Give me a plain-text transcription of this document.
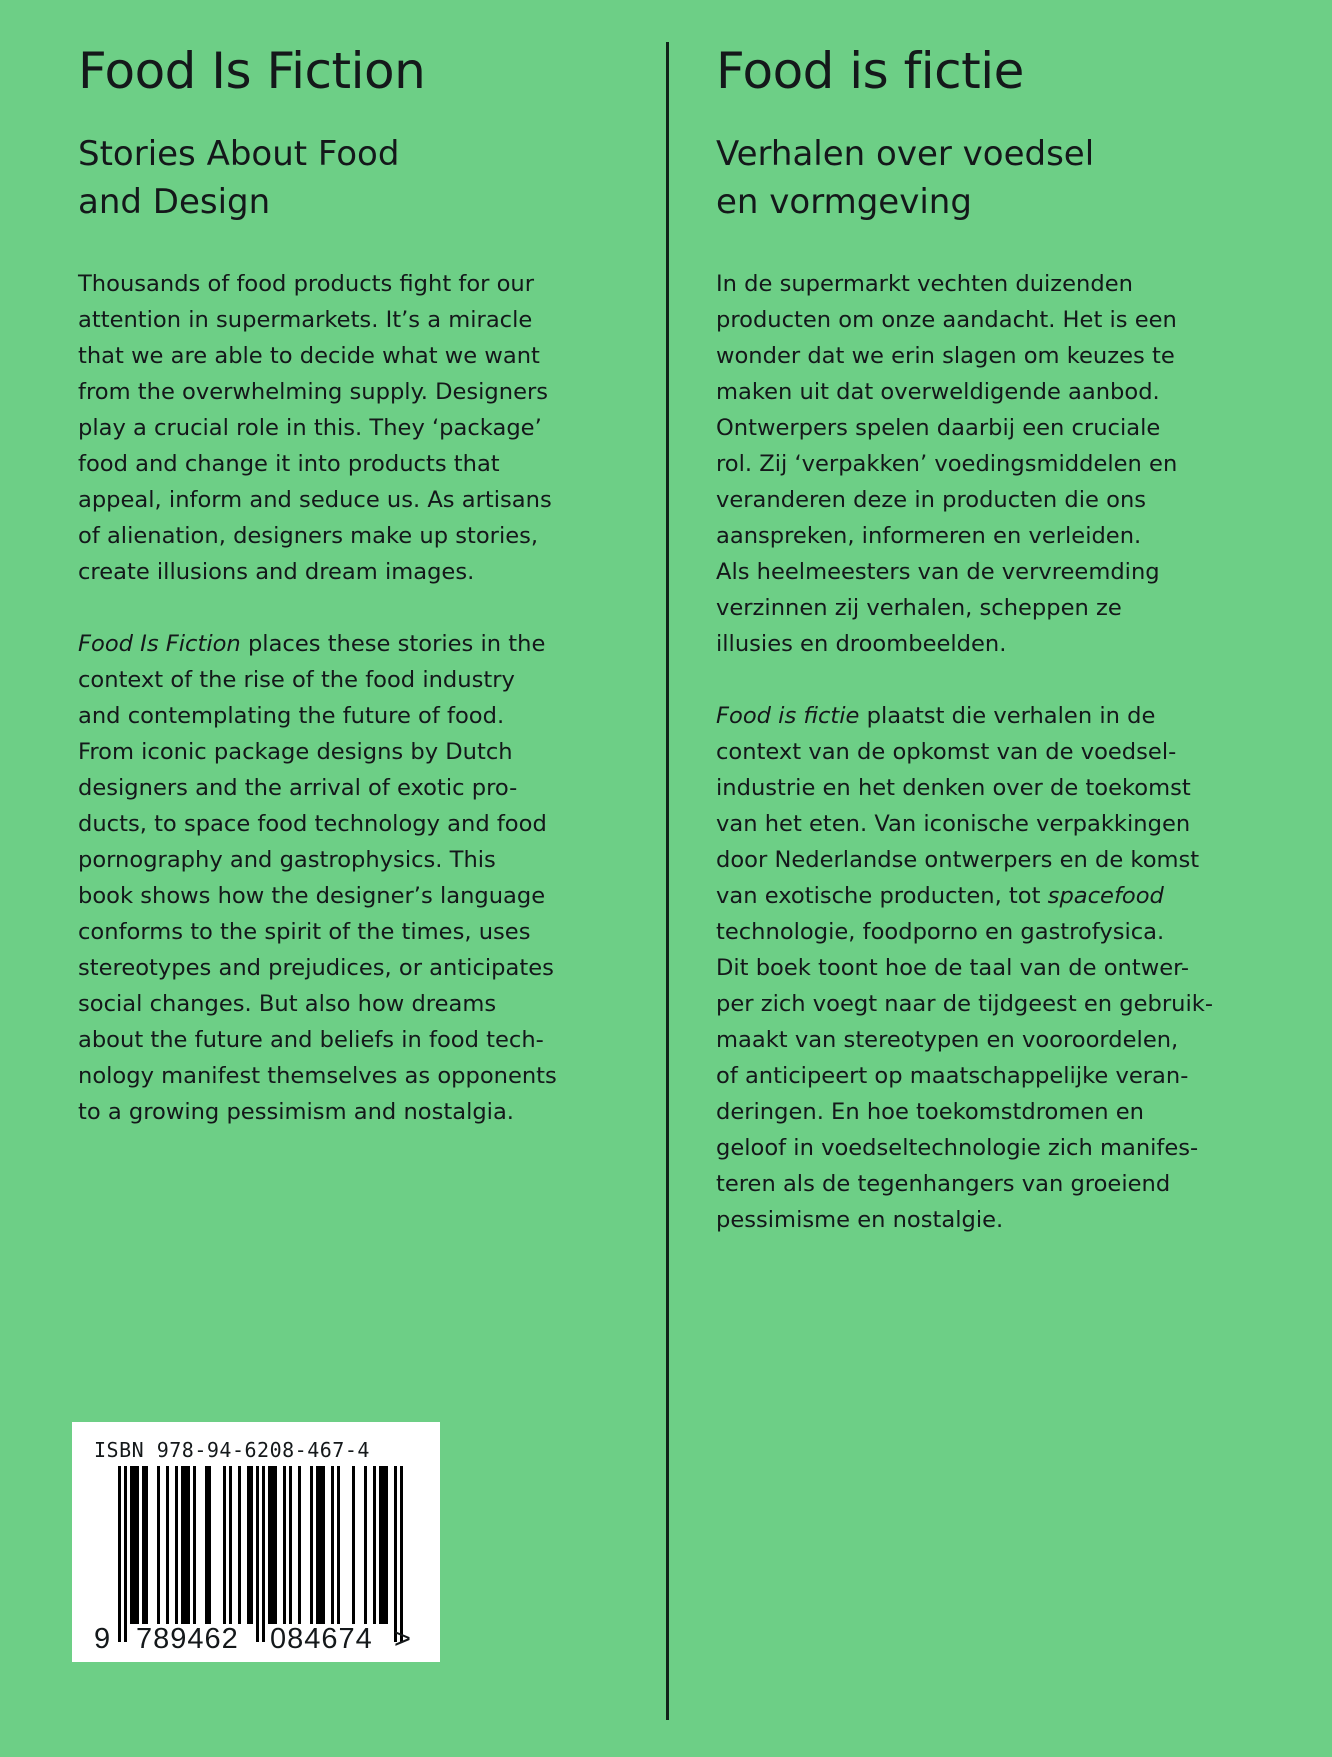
Food Is Fiction
Stories About Food
and Design

Thousands of food products fight for our
attention in supermarkets. It’s a miracle
that we are able to decide what we want
from the overwhelming supply. Designers
play a crucial role in this. They ‘package’
food and change it into products that
appeal, inform and seduce us. As artisans
of alienation, designers make up stories,
create illusions and dream images.

Food Is Fiction places these stories in the
context of the rise of the food industry
and contemplating the future of food.
From iconic package designs by Dutch
designers and the arrival of exotic pro-
ducts, to space food technology and food
pornography and gastrophysics. This
book shows how the designer’s language
conforms to the spirit of the times, uses
stereotypes and prejudices, or anticipates
social changes. But also how dreams
about the future and beliefs in food tech-
nology manifest themselves as opponents
to a growing pessimism and nostalgia.

Food is fictie
Verhalen over voedsel
en vormgeving

In de supermarkt vechten duizenden
producten om onze aandacht. Het is een
wonder dat we erin slagen om keuzes te
maken uit dat overweldigende aanbod.
Ontwerpers spelen daarbij een cruciale
rol. Zij ‘verpakken’ voedingsmiddelen en
veranderen deze in producten die ons
aanspreken, informeren en verleiden.
Als heelmeesters van de vervreemding
verzinnen zij verhalen, scheppen ze
illusies en droombeelden.

Food is fictie plaatst die verhalen in de
context van de opkomst van de voedsel-
industrie en het denken over de toekomst
van het eten. Van iconische verpakkingen
door Nederlandse ontwerpers en de komst
van exotische producten, tot spacefood
technologie, foodporno en gastrofysica.
Dit boek toont hoe de taal van de ontwer-
per zich voegt naar de tijdgeest en gebruik-
maakt van stereotypen en vooroordelen,
of anticipeert op maatschappelijke veran-
deringen. En hoe toekomstdromen en
geloof in voedseltechnologie zich manifes-
teren als de tegenhangers van groeiend
pessimisme en nostalgie.

ISBN 978-94-6208-467-4
9 789462 084674 >
